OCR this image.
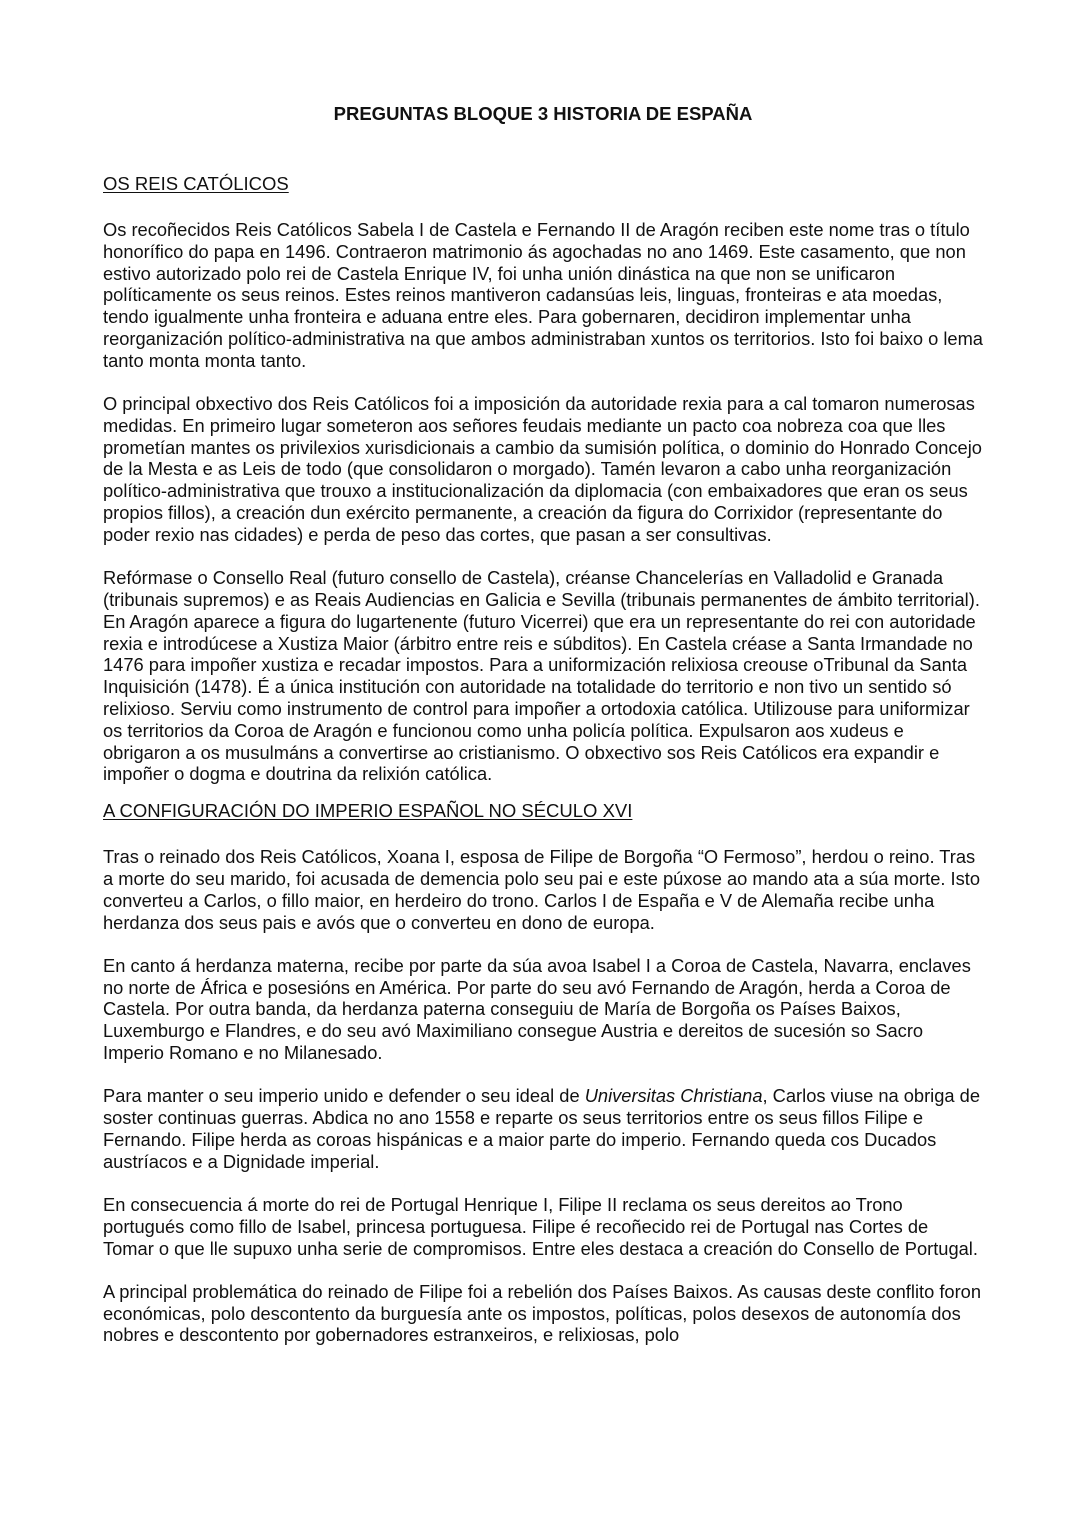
PREGUNTAS BLOQUE 3 HISTORIA DE ESPAÑA
OS REIS CATÓLICOS

Os recoñecidos Reis Católicos Sabela I de Castela e Fernando II de Aragón reciben este nome tras o título honorífico do papa en 1496. Contraeron matrimonio ás agochadas no ano 1469. Este casamento, que non estivo autorizado polo rei de Castela Enrique IV, foi unha unión dinástica na que non se unificaron políticamente os seus reinos. Estes reinos mantiveron cadansúas leis, linguas, fronteiras e ata moedas, tendo igualmente unha fronteira e aduana entre eles. Para gobernaren, decidiron implementar unha reorganización político-administrativa na que ambos administraban xuntos os territorios. Isto foi baixo o lema tanto monta monta tanto.

O principal obxectivo dos Reis Católicos foi a imposición da autoridade rexia para a cal tomaron numerosas medidas. En primeiro lugar someteron aos señores feudais mediante un pacto coa nobreza coa que lles prometían mantes os privilexios xurisdicionais a cambio da sumisión política, o dominio do Honrado Concejo de la Mesta e as Leis de todo (que consolidaron o morgado). Tamén levaron a cabo unha reorganización político-administrativa que trouxo a institucionalización da diplomacia (con embaixadores que eran os seus propios fillos), a creación dun exército permanente, a creación da figura do Corrixidor (representante do poder rexio nas cidades) e perda de peso das cortes, que pasan a ser consultivas.

Refórmase o Consello Real (futuro consello de Castela), créanse Chancelerías en Valladolid e Granada (tribunais supremos) e as Reais Audiencias en Galicia e Sevilla (tribunais permanentes de ámbito territorial). En Aragón aparece a figura do lugartenente (futuro Vicerrei) que era un representante do rei con autoridade rexia e introdúcese a Xustiza Maior (árbitro entre reis e súbditos). En Castela créase a Santa Irmandade no 1476 para impoñer xustiza e recadar impostos. Para a uniformización relixiosa creouse oTribunal da Santa Inquisición (1478). É a única institución con autoridade na totalidade do territorio e non tivo un sentido só relixioso. Serviu como instrumento de control para impoñer a ortodoxia católica. Utilizouse para uniformizar os territorios da Coroa de Aragón e funcionou como unha policía política. Expulsaron aos xudeus e obrigaron a os musulmáns a convertirse ao cristianismo. O obxectivo sos Reis Católicos era expandir e impoñer o dogma e doutrina da relixión católica.

A CONFIGURACIÓN DO IMPERIO ESPAÑOL NO SÉCULO XVI

Tras o reinado dos Reis Católicos, Xoana I, esposa de Filipe de Borgoña “O Fermoso”, herdou o reino. Tras a morte do seu marido, foi acusada de demencia polo seu pai e este púxose ao mando ata a súa morte. Isto converteu a Carlos, o fillo maior, en herdeiro do trono. Carlos I de España e V de Alemaña recibe unha herdanza dos seus pais e avós que o converteu en dono de europa.

En canto á herdanza materna, recibe por parte da súa avoa Isabel I a Coroa de Castela, Navarra, enclaves no norte de África e posesións en América. Por parte do seu avó Fernando de Aragón, herda a Coroa de Castela. Por outra banda, da herdanza paterna conseguiu de María de Borgoña os Países Baixos, Luxemburgo e Flandres, e do seu avó Maximiliano consegue Austria e dereitos de sucesión so Sacro Imperio Romano e no Milanesado.

Para manter o seu imperio unido e defender o seu ideal de Universitas Christiana, Carlos viuse na obriga de soster continuas guerras. Abdica no ano 1558 e reparte os seus territorios entre os seus fillos Filipe e Fernando. Filipe herda as coroas hispánicas e a maior parte do imperio. Fernando queda cos Ducados austríacos e a Dignidade imperial.

En consecuencia á morte do rei de Portugal Henrique I, Filipe II reclama os seus dereitos ao Trono portugués como fillo de Isabel, princesa portuguesa. Filipe é recoñecido rei de Portugal nas Cortes de Tomar o que lle supuxo unha serie de compromisos. Entre eles destaca a creación do Consello de Portugal.

A principal problemática do reinado de Filipe foi a rebelión dos Países Baixos. As causas deste conflito foron económicas, polo descontento da burguesía ante os impostos, políticas, polos desexos de autonomía dos nobres e descontento por gobernadores estranxeiros, e relixiosas, polo
